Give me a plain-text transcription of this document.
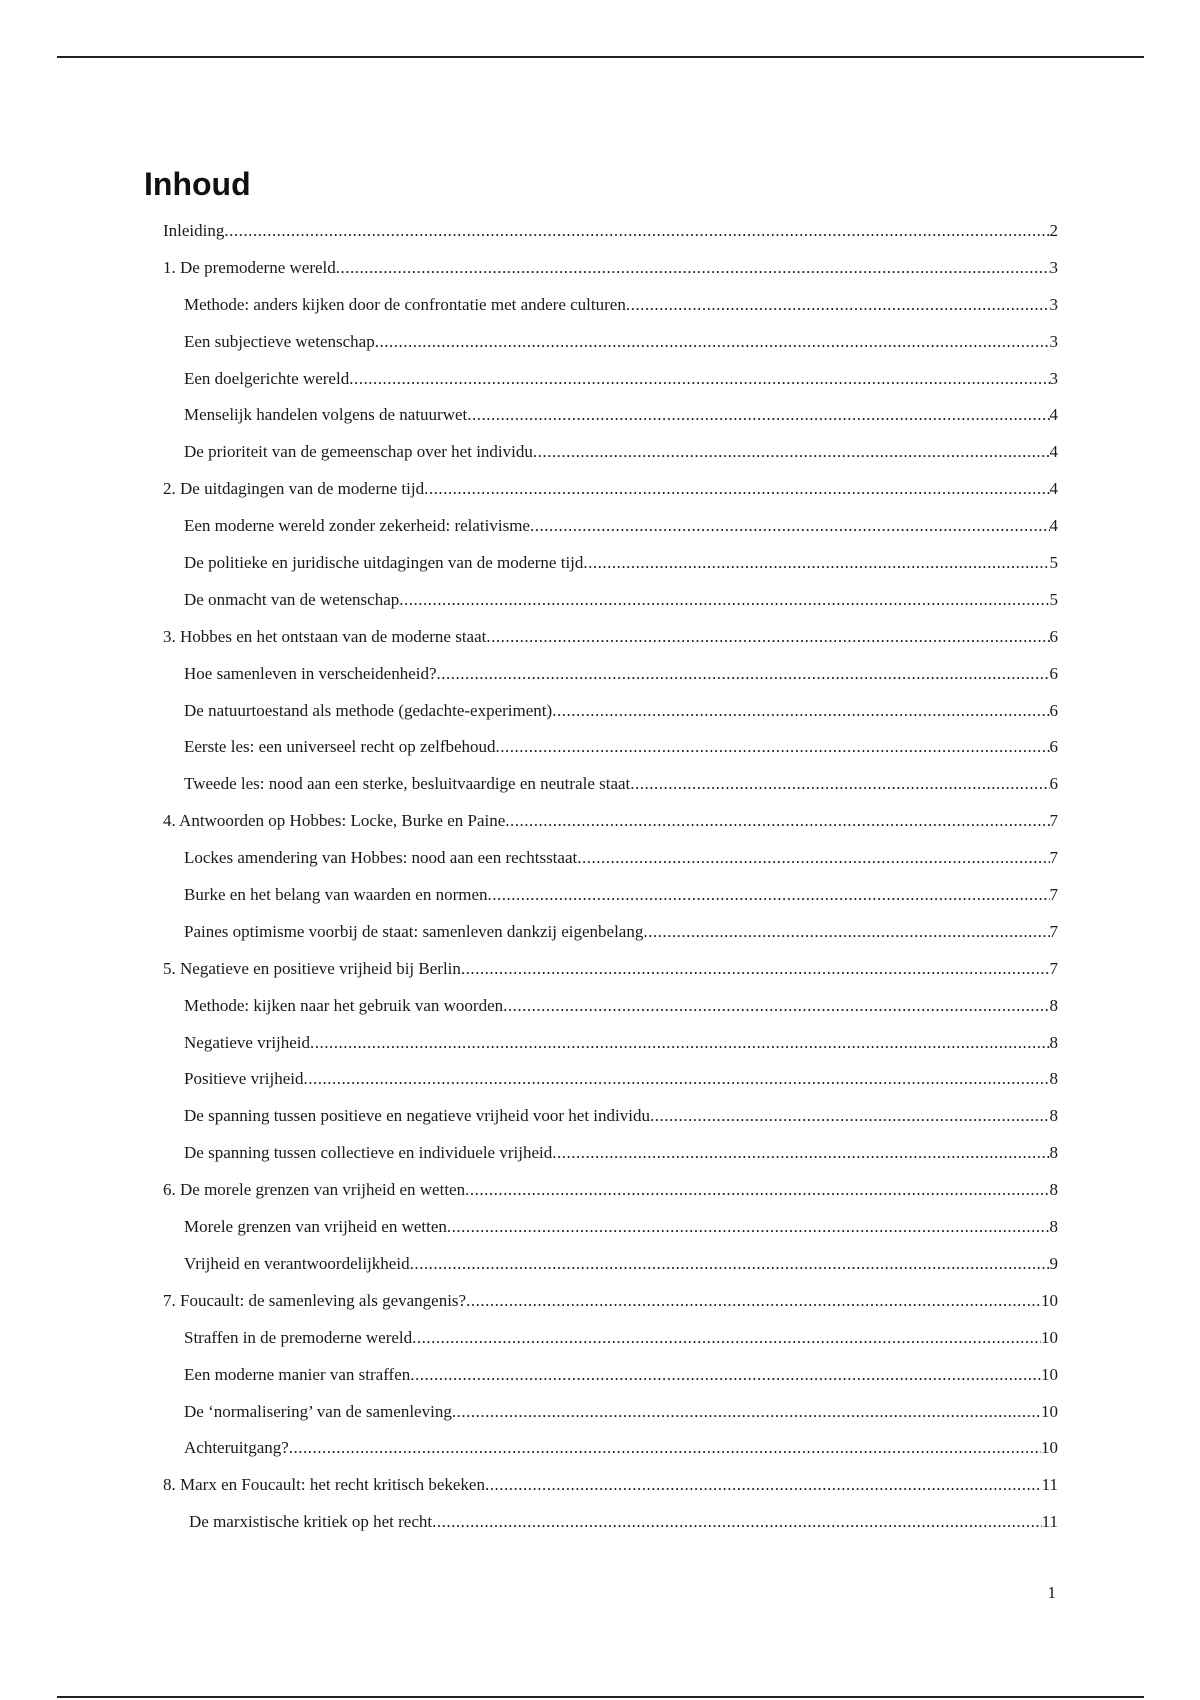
Inhoud
Inleiding .....	2
1. De premoderne wereld .....	3
Methode: anders kijken door de confrontatie met andere culturen .....	3
Een subjectieve wetenschap .....	3
Een doelgerichte wereld .....	3
Menselijk handelen volgens de natuurwet .....	4
De prioriteit van de gemeenschap over het individu .....	4
2. De uitdagingen van de moderne tijd .....	4
Een moderne wereld zonder zekerheid: relativisme .....	4
De politieke en juridische uitdagingen van de moderne tijd .....	5
De onmacht van de wetenschap .....	5
3. Hobbes en het ontstaan van de moderne staat .....	6
Hoe samenleven in verscheidenheid? .....	6
De natuurtoestand als methode (gedachte-experiment) .....	6
Eerste les: een universeel recht op zelfbehoud .....	6
Tweede les: nood aan een sterke, besluitvaardige en neutrale staat .....	6
4. Antwoorden op Hobbes: Locke, Burke en Paine .....	7
Lockes amendering van Hobbes: nood aan een rechtsstaat .....	7
Burke en het belang van waarden en normen .....	7
Paines optimisme voorbij de staat: samenleven dankzij eigenbelang .....	7
5. Negatieve en positieve vrijheid bij Berlin .....	7
Methode: kijken naar het gebruik van woorden .....	8
Negatieve vrijheid .....	8
Positieve vrijheid .....	8
De spanning tussen positieve en negatieve vrijheid voor het individu .....	8
De spanning tussen collectieve en individuele vrijheid .....	8
6. De morele grenzen van vrijheid en wetten .....	8
Morele grenzen van vrijheid en wetten .....	8
Vrijheid en verantwoordelijkheid .....	9
7. Foucault: de samenleving als gevangenis? .....	10
Straffen in de premoderne wereld .....	10
Een moderne manier van straffen .....	10
De ‘normalisering’ van de samenleving .....	10
Achteruitgang? .....	10
8. Marx en Foucault: het recht kritisch bekeken .....	11
De marxistische kritiek op het recht .....	11
1
